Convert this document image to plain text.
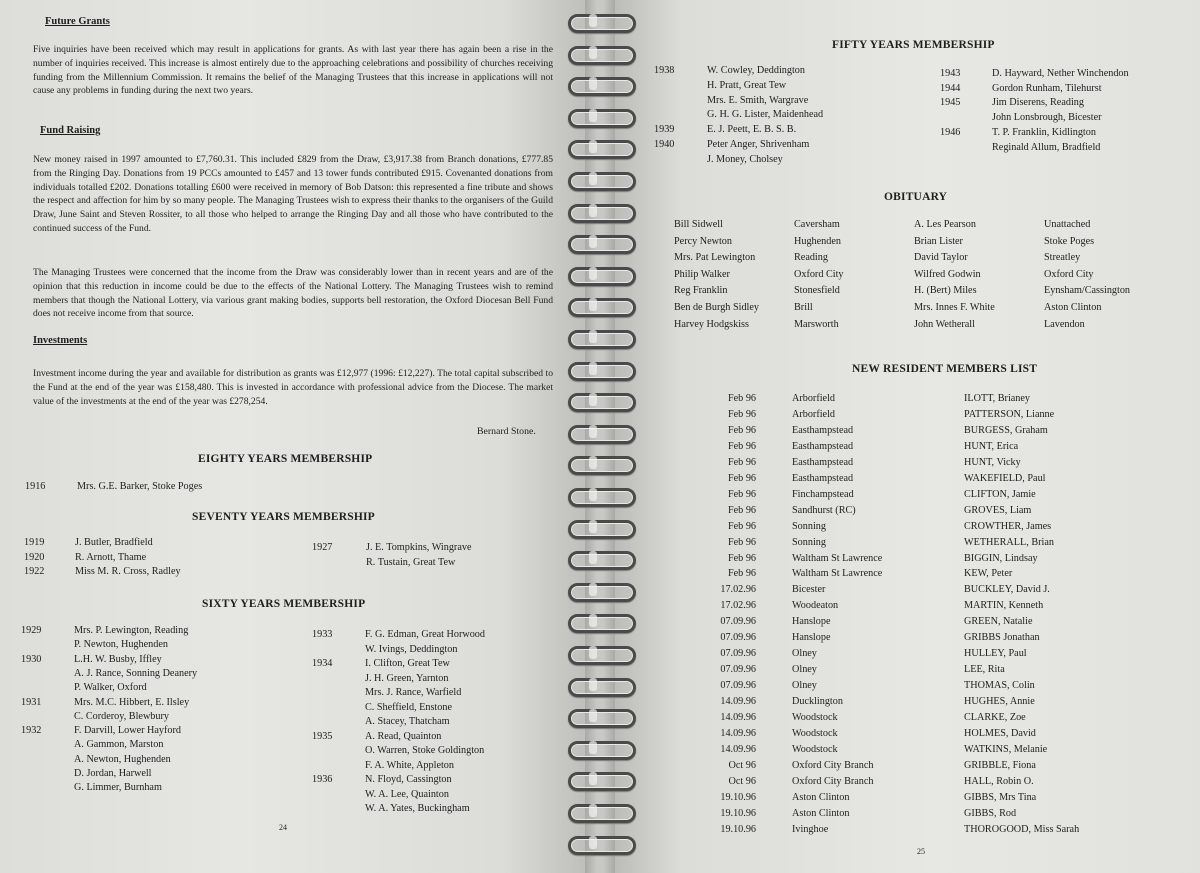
Future Grants
Five inquiries have been received which may result in applications for grants. As with last year there has again been a rise in the number of inquiries received. This increase is almost entirely due to the approaching celebrations and possibility of churches receiving funding from the Millennium Commission. It remains the belief of the Managing Trustees that this increase in applications will not cause any problems in funding during the next two years.
Fund Raising
New money raised in 1997 amounted to £7,760.31. This included £829 from the Draw, £3,917.38 from Branch donations, £777.85 from the Ringing Day. Donations from 19 PCCs amounted to £457 and 13 tower funds contributed £915. Covenanted donations from individuals totalled £202. Donations totalling £600 were received in memory of Bob Datson: this represented a fine tribute and shows the respect and affection for him by so many people. The Managing Trustees wish to express their thanks to the organisers of the Guild Draw, June Saint and Steven Rossiter, to all those who helped to arrange the Ringing Day and all those who have contributed to the continued success of the Fund.
The Managing Trustees were concerned that the income from the Draw was considerably lower than in recent years and are of the opinion that this reduction in income could be due to the effects of the National Lottery. The Managing Trustees wish to remind members that though the National Lottery, via various grant making bodies, supports bell restoration, the Oxford Diocesan Bell Fund does not receive income from that source.
Investments
Investment income during the year and available for distribution as grants was £12,977 (1996: £12,227). The total capital subscribed to the Fund at the end of the year was £158,480. This is invested in accordance with professional advice from the Diocese. The market value of the investments at the end of the year was £278,254.
Bernard Stone.
EIGHTY YEARS MEMBERSHIP
1916	Mrs. G.E. Barker, Stoke Poges
SEVENTY YEARS MEMBERSHIP
1919	J. Butler, Bradfield
1920	R. Arnott, Thame
1922	Miss M. R. Cross, Radley
1927	J. E. Tompkins, Wingrave
R. Tustain, Great Tew
SIXTY YEARS MEMBERSHIP
1929	Mrs. P. Lewington, Reading
P. Newton, Hughenden
1930	L.H. W. Busby, Iffley
A. J. Rance, Sonning Deanery
P. Walker, Oxford
1931	Mrs. M.C. Hibbert, E. Ilsley
C. Corderoy, Blewbury
1932	F. Darvill, Lower Hayford
A. Gammon, Marston
A. Newton, Hughenden
D. Jordan, Harwell
G. Limmer, Burnham
1933	F. G. Edman, Great Horwood
W. Ivings, Deddington
1934	I. Clifton, Great Tew
J. H. Green, Yarnton
Mrs. J. Rance, Warfield
C. Sheffield, Enstone
A. Stacey, Thatcham
1935	A. Read, Quainton
O. Warren, Stoke Goldington
F. A. White, Appleton
1936	N. Floyd, Cassington
W. A. Lee, Quainton
W. A. Yates, Buckingham
24
FIFTY YEARS MEMBERSHIP
1938	W. Cowley, Deddington
H. Pratt, Great Tew
Mrs. E. Smith, Wargrave
G. H. G. Lister, Maidenhead
1939	E. J. Peett, E. B. S. B.
1940	Peter Anger, Shrivenham
J. Money, Cholsey
1943	D. Hayward, Nether Winchendon
1944	Gordon Runham, Tilehurst
1945	Jim Diserens, Reading
John Lonsbrough, Bicester
1946	T. P. Franklin, Kidlington
Reginald Allum, Bradfield
OBITUARY
Bill Sidwell	Caversham	A. Les Pearson	Unattached
Percy Newton	Hughenden	Brian Lister	Stoke Poges
Mrs. Pat Lewington	Reading	David Taylor	Streatley
Philip Walker	Oxford City	Wilfred Godwin	Oxford City
Reg Franklin	Stonesfield	H. (Bert) Miles	Eynsham/Cassington
Ben de Burgh Sidley	Brill	Mrs. Innes F. White	Aston Clinton
Harvey Hodgskiss	Marsworth	John Wetherall	Lavendon
NEW RESIDENT MEMBERS LIST
Feb 96	Arborfield	ILOTT, Brianey
Feb 96	Arborfield	PATTERSON, Lianne
Feb 96	Easthampstead	BURGESS, Graham
Feb 96	Easthampstead	HUNT, Erica
Feb 96	Easthampstead	HUNT, Vicky
Feb 96	Easthampstead	WAKEFIELD, Paul
Feb 96	Finchampstead	CLIFTON, Jamie
Feb 96	Sandhurst (RC)	GROVES, Liam
Feb 96	Sonning	CROWTHER, James
Feb 96	Sonning	WETHERALL, Brian
Feb 96	Waltham St Lawrence	BIGGIN, Lindsay
Feb 96	Waltham St Lawrence	KEW, Peter
17.02.96	Bicester	BUCKLEY, David J.
17.02.96	Woodeaton	MARTIN, Kenneth
07.09.96	Hanslope	GREEN, Natalie
07.09.96	Hanslope	GRIBBS Jonathan
07.09.96	Olney	HULLEY, Paul
07.09.96	Olney	LEE, Rita
07.09.96	Olney	THOMAS, Colin
14.09.96	Ducklington	HUGHES, Annie
14.09.96	Woodstock	CLARKE, Zoe
14.09.96	Woodstock	HOLMES, David
14.09.96	Woodstock	WATKINS, Melanie
Oct 96	Oxford City Branch	GRIBBLE, Fiona
Oct 96	Oxford City Branch	HALL, Robin O.
19.10.96	Aston Clinton	GIBBS, Mrs Tina
19.10.96	Aston Clinton	GIBBS, Rod
19.10.96	Ivinghoe	THOROGOOD, Miss Sarah
25
